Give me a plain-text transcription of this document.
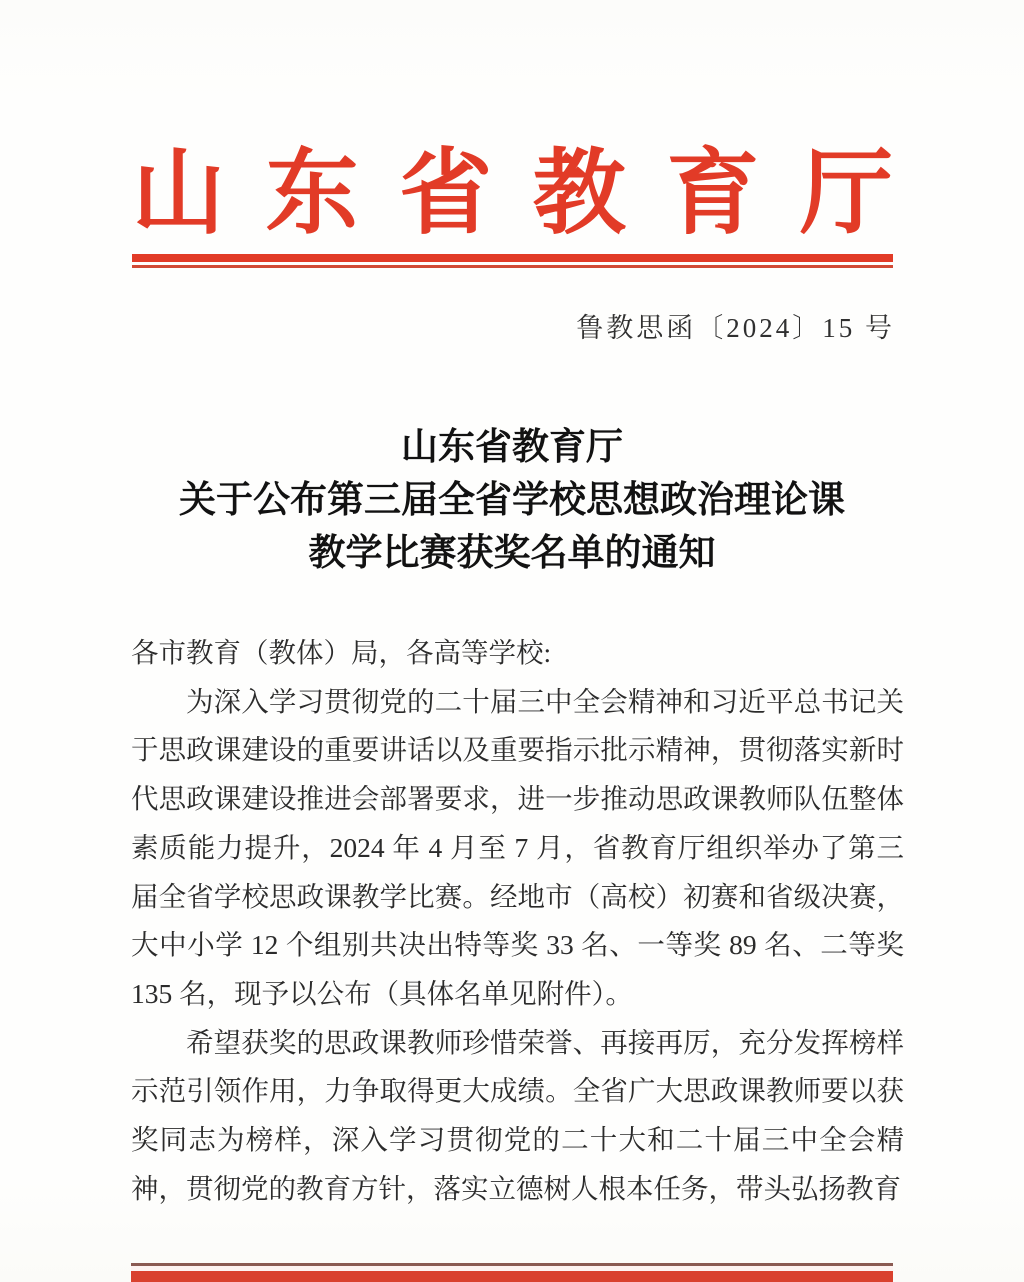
山 东 省 教 育 厅
鲁教思函〔2024〕15 号
山东省教育厅
关于公布第三届全省学校思想政治理论课
教学比赛获奖名单的通知
各市教育（教体）局，各高等学校:
为深入学习贯彻党的二十届三中全会精神和习近平总书记关于思政课建设的重要讲话以及重要指示批示精神，贯彻落实新时代思政课建设推进会部署要求，进一步推动思政课教师队伍整体素质能力提升，2024 年 4 月至 7 月，省教育厅组织举办了第三届全省学校思政课教学比赛。经地市（高校）初赛和省级决赛，大中小学 12 个组别共决出特等奖 33 名、一等奖 89 名、二等奖 135 名，现予以公布（具体名单见附件）。
希望获奖的思政课教师珍惜荣誉、再接再厉，充分发挥榜样示范引领作用，力争取得更大成绩。全省广大思政课教师要以获奖同志为榜样，深入学习贯彻党的二十大和二十届三中全会精神，贯彻党的教育方针，落实立德树人根本任务，带头弘扬教育
